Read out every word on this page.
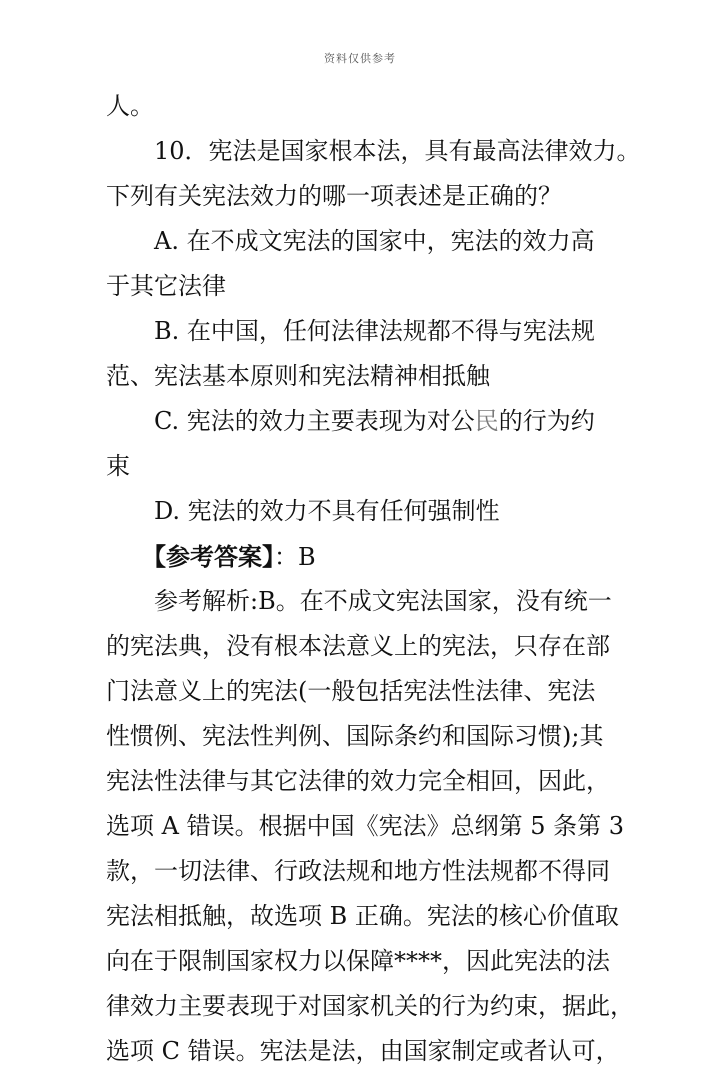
资料仅供参考
人。
10．宪法是国家根本法，具有最高法律效力。
下列有关宪法效力的哪一项表述是正确的？
A. 在不成文宪法的国家中，宪法的效力高
于其它法律
B. 在中国，任何法律法规都不得与宪法规
范、宪法基本原则和宪法精神相抵触
C. 宪法的效力主要表现为对公民的行为约
束
D. 宪法的效力不具有任何强制性
【参考答案】：B
参考解析:B。在不成文宪法国家，没有统一
的宪法典，没有根本法意义上的宪法，只存在部
门法意义上的宪法(一般包括宪法性法律、宪法
性惯例、宪法性判例、国际条约和国际习惯);其
宪法性法律与其它法律的效力完全相回，因此，
选项 A 错误。根据中国《宪法》总纲第 5 条第 3
款，一切法律、行政法规和地方性法规都不得同
宪法相抵触，故选项 B 正确。宪法的核心价值取
向在于限制国家权力以保障****，因此宪法的法
律效力主要表现于对国家机关的行为约束，据此，
选项 C 错误。宪法是法，由国家制定或者认可，
